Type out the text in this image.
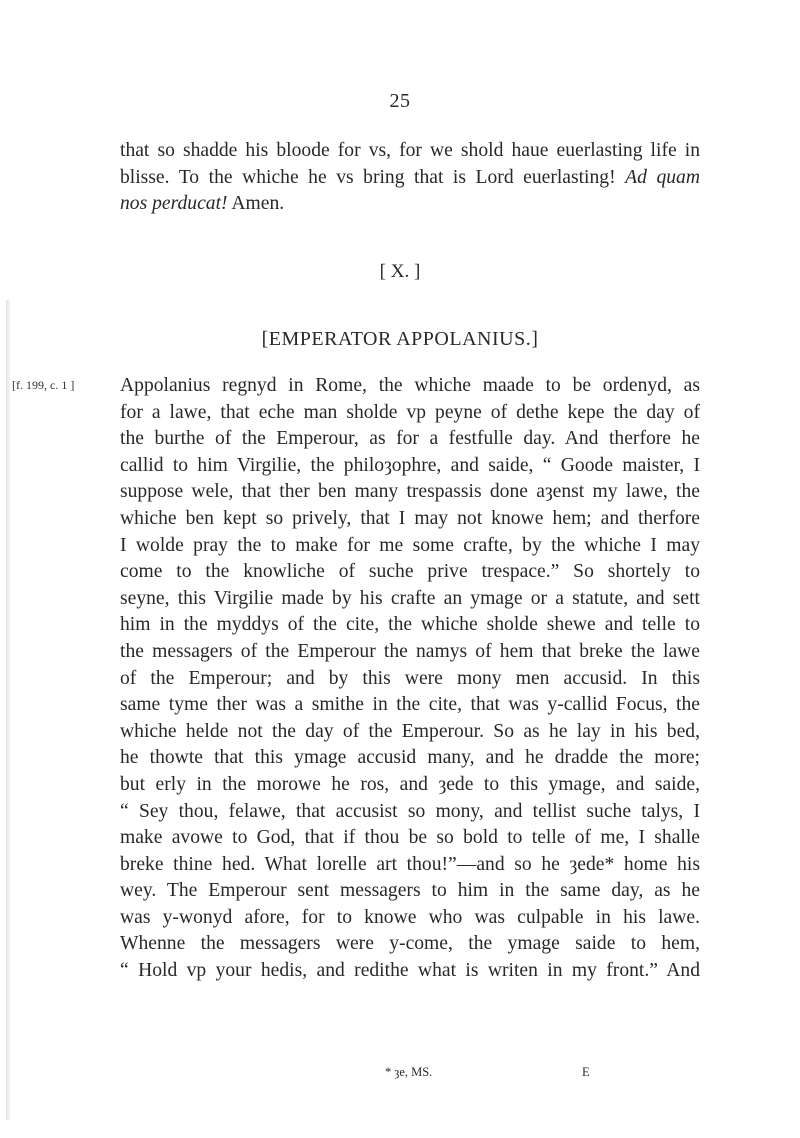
25
that so shadde his bloode for vs, for we shold haue euerlasting life in
blisse. To the whiche he vs bring that is Lord euerlasting! Ad quam
nos perducat! Amen.
[ X. ]
[EMPERATOR APPOLANIUS.]
[f. 199, c. 1 ] Appolanius regnyd in Rome, the whiche maade to be ordenyd, as
for a lawe, that eche man sholde vp peyne of dethe kepe the day of
the burthe of the Emperour, as for a festfulle day. And therfore he
callid to him Virgilie, the philoȝophre, and saide, “ Goode maister, I
suppose wele, that ther ben many trespassis done aȝenst my lawe, the
whiche ben kept so prively, that I may not knowe hem; and therfore
I wolde pray the to make for me some crafte, by the whiche I may
come to the knowliche of suche prive trespace.” So shortely to
seyne, this Virgilie made by his crafte an ymage or a statute, and sett
him in the myddys of the cite, the whiche sholde shewe and telle to
the messagers of the Emperour the namys of hem that breke the lawe
of the Emperour; and by this were mony men accusid. In this
same tyme ther was a smithe in the cite, that was y-callid Focus, the
whiche helde not the day of the Emperour. So as he lay in his bed,
he thowte that this ymage accusid many, and he dradde the more;
but erly in the morowe he ros, and ȝede to this ymage, and saide,
“ Sey thou, felawe, that accusist so mony, and tellist suche talys, I
make avowe to God, that if thou be so bold to telle of me, I shalle
breke thine hed. What lorelle art thou!”—and so he ȝede* home his
wey. The Emperour sent messagers to him in the same day, as he
was y-wonyd afore, for to knowe who was culpable in his lawe.
Whenne the messagers were y-come, the ymage saide to hem,
“ Hold vp your hedis, and redithe what is writen in my front.” And
* ȝe, MS.	E
